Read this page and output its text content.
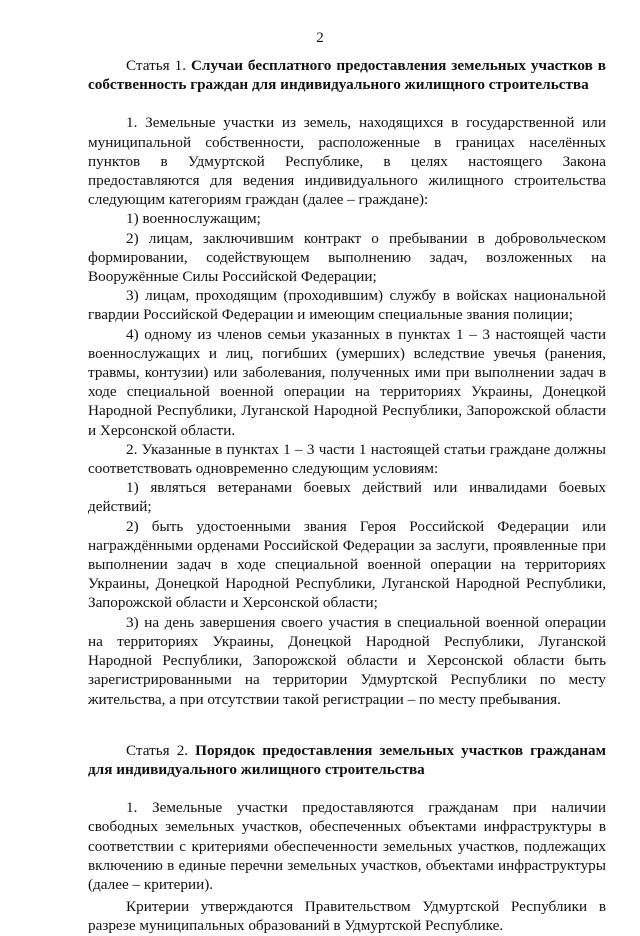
2

Статья 1. Случаи бесплатного предоставления земельных участков в собственность граждан для индивидуального жилищного строительства

1. Земельные участки из земель, находящихся в государственной или муниципальной собственности, расположенные в границах населённых пунктов в Удмуртской Республике, в целях настоящего Закона предоставляются для ведения индивидуального жилищного строительства следующим категориям граждан (далее – граждане):

1) военнослужащим;

2) лицам, заключившим контракт о пребывании в добровольческом формировании, содействующем выполнению задач, возложенных на Вооружённые Силы Российской Федерации;

3) лицам, проходящим (проходившим) службу в войсках национальной гвардии Российской Федерации и имеющим специальные звания полиции;

4) одному из членов семьи указанных в пунктах 1 – 3 настоящей части военнослужащих и лиц, погибших (умерших) вследствие увечья (ранения, травмы, контузии) или заболевания, полученных ими при выполнении задач в ходе специальной военной операции на территориях Украины, Донецкой Народной Республики, Луганской Народной Республики, Запорожской области и Херсонской области.

2. Указанные в пунктах 1 – 3 части 1 настоящей статьи граждане должны соответствовать одновременно следующим условиям:

1) являться ветеранами боевых действий или инвалидами боевых действий;

2) быть удостоенными звания Героя Российской Федерации или награждёнными орденами Российской Федерации за заслуги, проявленные при выполнении задач в ходе специальной военной операции на территориях Украины, Донецкой Народной Республики, Луганской Народной Республики, Запорожской области и Херсонской области;

3) на день завершения своего участия в специальной военной операции на территориях Украины, Донецкой Народной Республики, Луганской Народной Республики, Запорожской области и Херсонской области быть зарегистрированными на территории Удмуртской Республики по месту жительства, а при отсутствии такой регистрации – по месту пребывания.

Статья 2. Порядок предоставления земельных участков гражданам для индивидуального жилищного строительства

1. Земельные участки предоставляются гражданам при наличии свободных земельных участков, обеспеченных объектами инфраструктуры в соответствии с критериями обеспеченности земельных участков, подлежащих включению в единые перечни земельных участков, объектами инфраструктуры (далее – критерии).

Критерии утверждаются Правительством Удмуртской Республики в разрезе муниципальных образований в Удмуртской Республике.
